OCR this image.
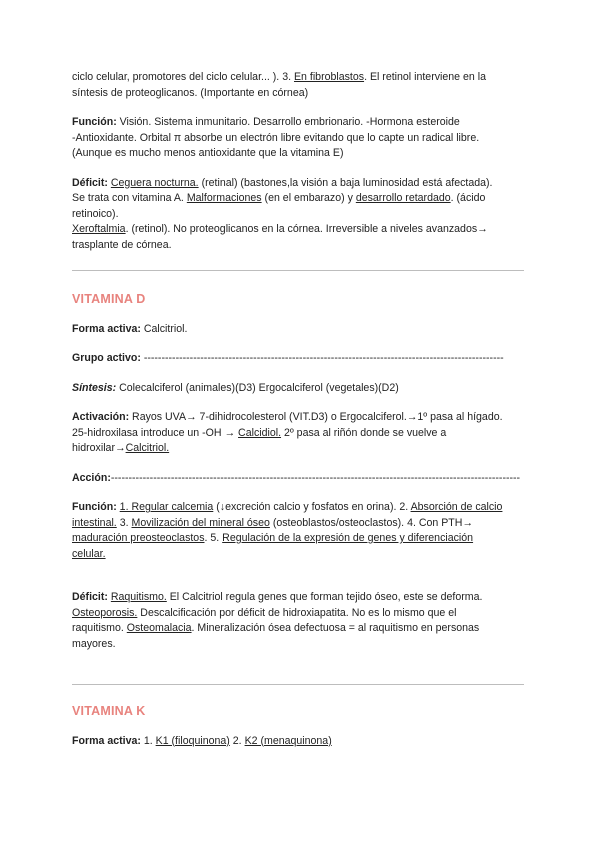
ciclo celular, promotores del ciclo celular... ). 3. En fibroblastos. El retinol interviene en la
síntesis de proteoglicanos. (Importante en córnea)

Función: Visión. Sistema inmunitario. Desarrollo embrionario. -Hormona esteroide
-Antioxidante. Orbital π absorbe un electrón libre evitando que lo capte un radical libre.
(Aunque es mucho menos antioxidante que la vitamina E)

Déficit: Ceguera nocturna. (retinal) (bastones,la visión a baja luminosidad está afectada).
Se trata con vitamina A. Malformaciones (en el embarazo) y desarrollo retardado. (ácido
retinoico).
Xeroftalmia. (retinol). No proteoglicanos en la córnea. Irreversible a niveles avanzados→
trasplante de córnea.

VITAMINA D

Forma activa: Calcitriol.

Grupo activo: ------------------------------------------------------------------------------------------------------

Síntesis: Colecalciferol (animales)(D3) Ergocalciferol (vegetales)(D2)

Activación: Rayos UVA→ 7-dihidrocolesterol (VIT.D3) o Ergocalciferol.→1º pasa al hígado.
25-hidroxilasa introduce un -OH → Calcidiol. 2º pasa al riñón donde se vuelve a
hidroxilar→Calcitriol.

Acción:--------------------------------------------------------------------------------------------------------------------

Función: 1. Regular calcemia (↓excreción calcio y fosfatos en orina). 2. Absorción de calcio
intestinal. 3. Movilización del mineral óseo (osteoblastos/osteoclastos). 4. Con PTH→
maduración preosteoclastos. 5. Regulación de la expresión de genes y diferenciación
celular.

Déficit: Raquitismo. El Calcitriol regula genes que forman tejido óseo, este se deforma.
Osteoporosis. Descalcificación por déficit de hidroxiapatita. No es lo mismo que el
raquitismo. Osteomalacia. Mineralización ósea defectuosa = al raquitismo en personas
mayores.

VITAMINA K

Forma activa: 1. K1 (filoquinona) 2. K2 (menaquinona)
